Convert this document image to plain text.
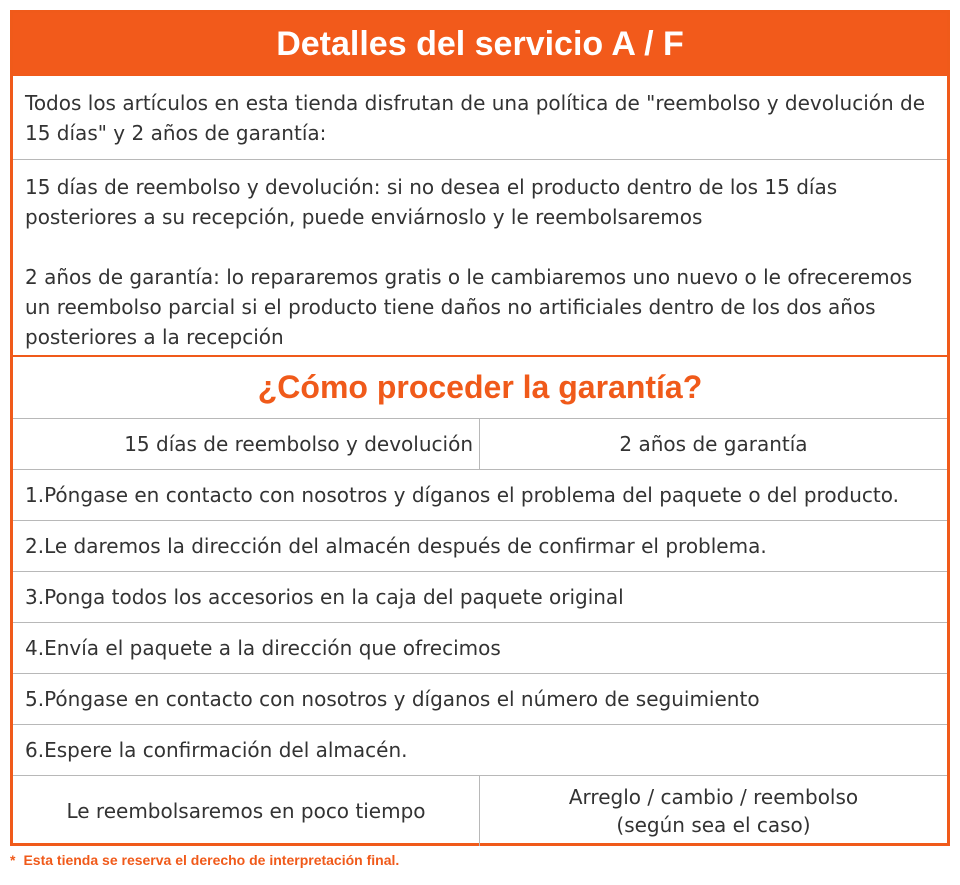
Detalles del servicio A / F
Todos los artículos en esta tienda disfrutan de una política de "reembolso y devolución de 15 días" y 2 años de garantía:

15 días de reembolso y devolución: si no desea el producto dentro de los 15 días posteriores a su recepción, puede enviárnoslo y le reembolsaremos

2 años de garantía: lo repararemos gratis o le cambiaremos uno nuevo o le ofreceremos un reembolso parcial si el producto tiene daños no artificiales dentro de los dos años posteriores a la recepción

¿Cómo proceder la garantía?
15 días de reembolso y devolución	2 años de garantía
1.Póngase en contacto con nosotros y díganos el problema del paquete o del producto.
2.Le daremos la dirección del almacén después de confirmar el problema.
3.Ponga todos los accesorios en la caja del paquete original
4.Envía el paquete a la dirección que ofrecimos
5.Póngase en contacto con nosotros y díganos el número de seguimiento
6.Espere la confirmación del almacén.
Le reembolsaremos en poco tiempo
Arreglo / cambio / reembolso
(según sea el caso)
* Esta tienda se reserva el derecho de interpretación final.
